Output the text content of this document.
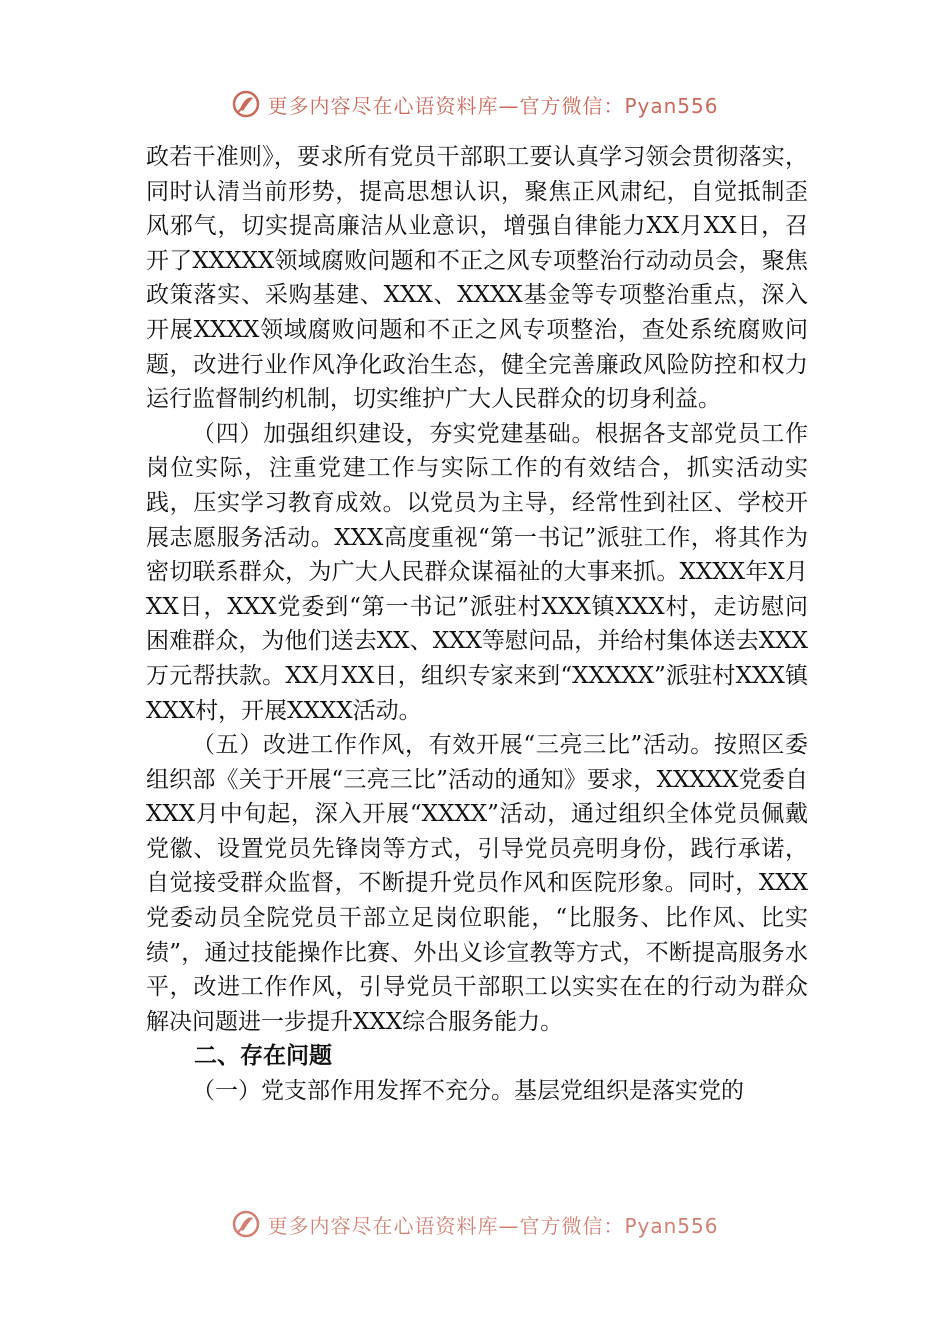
更多内容尽在心语资料库—官方微信：Pyan556

政若干准则》，要求所有党员干部职工要认真学习领会贯彻落实，同时认清当前形势，提高思想认识，聚焦正风肃纪，自觉抵制歪风邪气，切实提高廉洁从业意识，增强自律能力XX月XX日，召开了XXXXX领域腐败问题和不正之风专项整治行动动员会，聚焦政策落实、采购基建、XXX、XXXX基金等专项整治重点，深入开展XXXX领域腐败问题和不正之风专项整治，查处系统腐败问题，改进行业作风净化政治生态，健全完善廉政风险防控和权力运行监督制约机制，切实维护广大人民群众的切身利益。

（四）加强组织建设，夯实党建基础。根据各支部党员工作岗位实际，注重党建工作与实际工作的有效结合，抓实活动实践，压实学习教育成效。以党员为主导，经常性到社区、学校开展志愿服务活动。XXX高度重视“第一书记”派驻工作，将其作为密切联系群众，为广大人民群众谋福祉的大事来抓。XXXX年X月XX日，XXX党委到“第一书记”派驻村XXX镇XXX村，走访慰问困难群众，为他们送去XX、XXX等慰问品，并给村集体送去XXX万元帮扶款。XX月XX日，组织专家来到“XXXXX”派驻村XXX镇XXX村，开展XXXX活动。

（五）改进工作作风，有效开展“三亮三比”活动。按照区委组织部《关于开展“三亮三比”活动的通知》要求，XXXXX党委自XXX月中旬起，深入开展“XXXX”活动，通过组织全体党员佩戴党徽、设置党员先锋岗等方式，引导党员亮明身份，践行承诺，自觉接受群众监督，不断提升党员作风和医院形象。同时，XXX党委动员全院党员干部立足岗位职能，“比服务、比作风、比实绩”，通过技能操作比赛、外出义诊宣教等方式，不断提高服务水平，改进工作作风，引导党员干部职工以实实在在的行动为群众解决问题进一步提升XXX综合服务能力。

二、存在问题

（一）党支部作用发挥不充分。基层党组织是落实党的

更多内容尽在心语资料库—官方微信：Pyan556
